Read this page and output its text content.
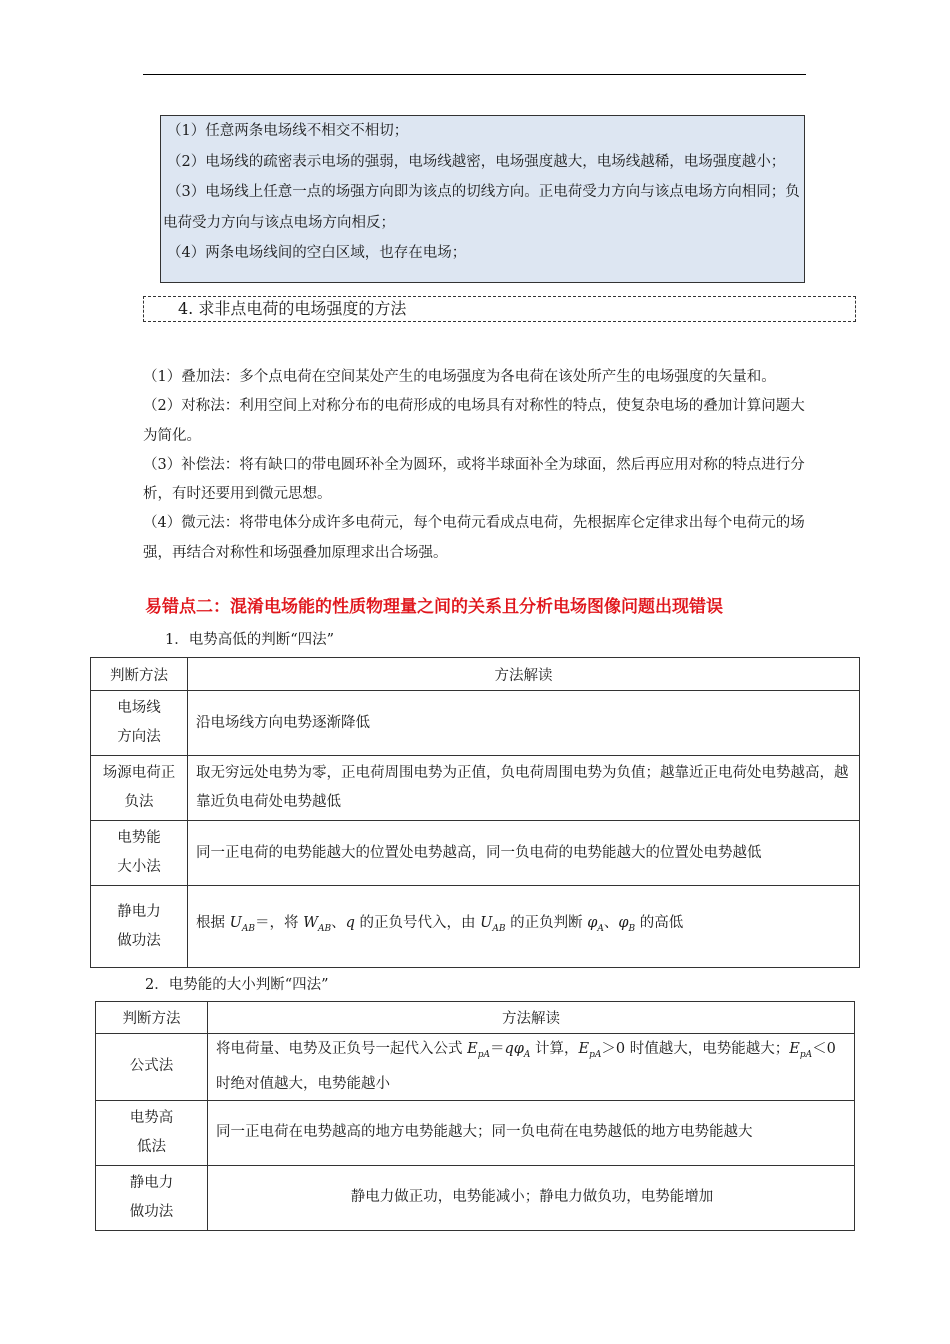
（1）任意两条电场线不相交不相切；

（2）电场线的疏密表示电场的强弱，电场线越密，电场强度越大，电场线越稀，电场强度越小；

（3）电场线上任意一点的场强方向即为该点的切线方向。正电荷受力方向与该点电场方向相同；负电荷受力方向与该点电场方向相反；

（4）两条电场线间的空白区域，也存在电场；

4. 求非点电荷的电场强度的方法

（1）叠加法：多个点电荷在空间某处产生的电场强度为各电荷在该处所产生的电场强度的矢量和。

（2）对称法：利用空间上对称分布的电荷形成的电场具有对称性的特点，使复杂电场的叠加计算问题大为简化。

（3）补偿法：将有缺口的带电圆环补全为圆环，或将半球面补全为球面，然后再应用对称的特点进行分析，有时还要用到微元思想。

（4）微元法：将带电体分成许多电荷元，每个电荷元看成点电荷，先根据库仑定律求出每个电荷元的场强，再结合对称性和场强叠加原理求出合场强。

易错点二：混淆电场能的性质物理量之间的关系且分析电场图像问题出现错误
1．电势高低的判断“四法”
判断方法	方法解读

电场线方向法	沿电场线方向电势逐渐降低

场源电荷正负法	取无穷远处电势为零，正电荷周围电势为正值，负电荷周围电势为负值；越靠近正电荷处电势越高，越靠近负电荷处电势越低

电势能大小法	同一正电荷的电势能越大的位置处电势越高，同一负电荷的电势能越大的位置处电势越低

静电力做功法	根据 $U_{AB}=$，将 $W_{AB}$、q 的正负号代入，由 $U_{AB}$ 的正负判断 $\varphi_A$、$\varphi_B$ 的高低
2．电势能的大小判断“四法”
判断方法	方法解读
公式法	将电荷量、电势及正负号一起代入公式 $E_{pA}=q\varphi_A$ 计算，$E_{pA}>0$ 时值越大，电势能越大；$E_{pA}<0$ 时绝对值越大，电势能越小

电势高低法	同一正电荷在电势越高的地方电势能越大；同一负电荷在电势越低的地方电势能越大

静电力做功法	静电力做正功，电势能减小；静电力做负功，电势能增加
